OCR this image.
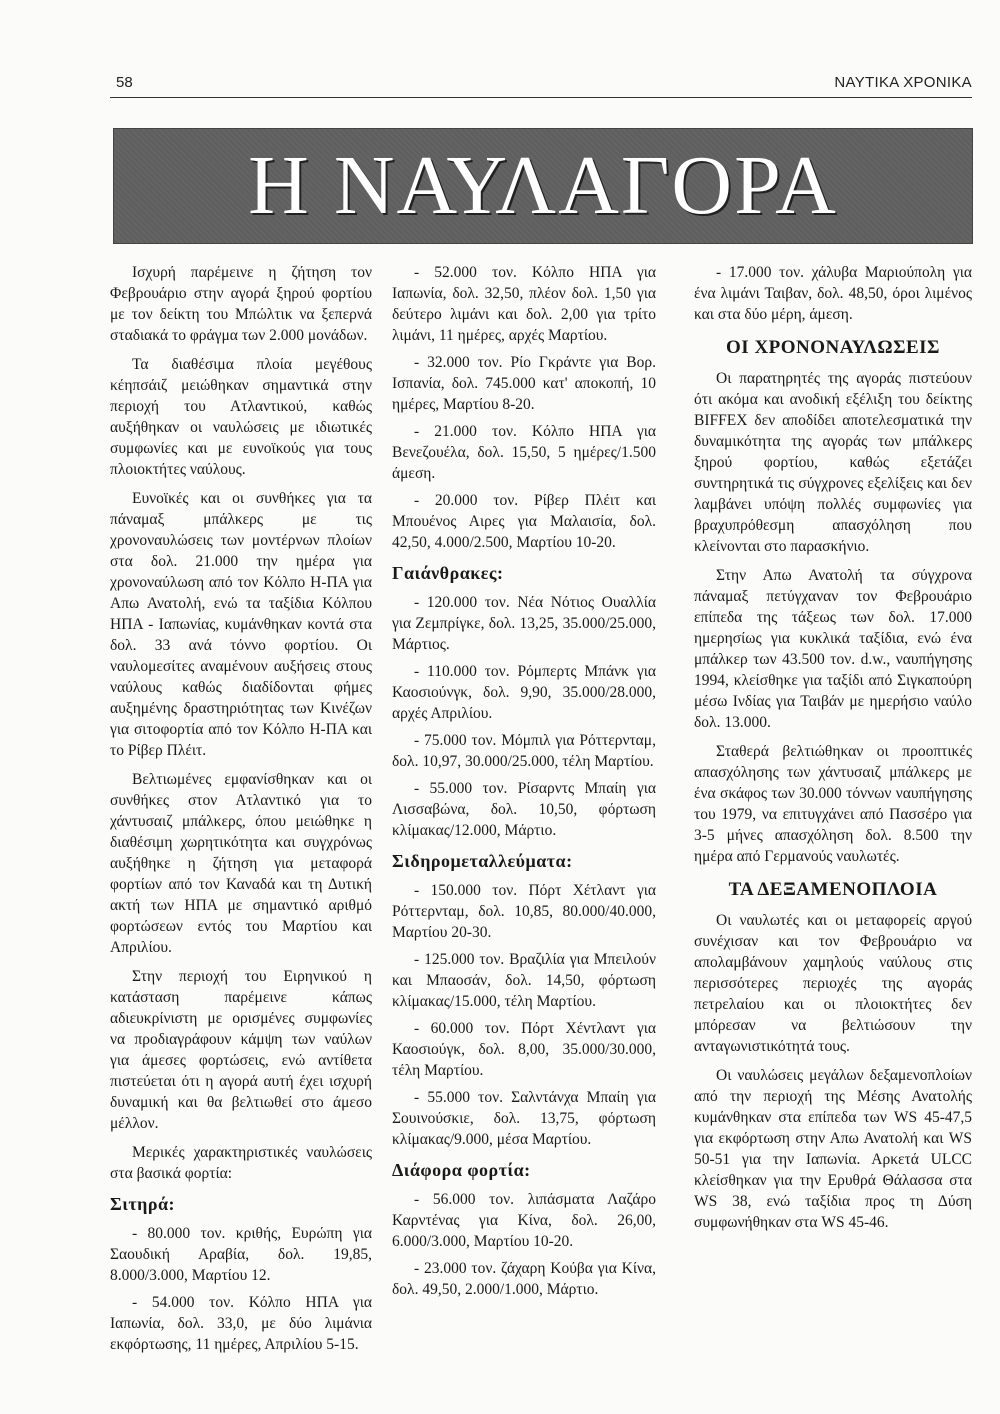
58	ΝΑΥΤΙΚΑ ΧΡΟΝΙΚΑ
Η ΝΑΥΛΑΓΟΡΑ

Ισχυρή παρέμεινε η ζήτηση τον Φεβρουάριο στην αγορά ξηρού φορτίου με τον δείκτη του Μπώλτικ να ξεπερνά σταδιακά το φράγμα των 2.000 μονάδων.

Τα διαθέσιμα πλοία μεγέθους κέηπσάιζ μειώθηκαν σημαντικά στην περιοχή του Ατλαντικού, καθώς αυξήθηκαν οι ναυλώσεις με ιδιωτικές συμφωνίες και με ευνοϊκούς για τους πλοιοκτήτες ναύλους.

Ευνοϊκές και οι συνθήκες για τα πάναμαξ μπάλκερς με τις χρονοναυλώσεις των μοντέρνων πλοίων στα δολ. 21.000 την ημέρα για χρονοναύλωση από τον Κόλπο Η-ΠΑ για Απω Ανατολή, ενώ τα ταξίδια Κόλπου ΗΠΑ - Ιαπωνίας, κυμάνθηκαν κοντά στα δολ. 33 ανά τόννο φορτίου. Οι ναυλομεσίτες αναμένουν αυξήσεις στους ναύλους καθώς διαδίδονται φήμες αυξημένης δραστηριότητας των Κινέζων για σιτοφορτία από τον Κόλπο Η-ΠΑ και το Ρίβερ Πλέιτ.

Βελτιωμένες εμφανίσθηκαν και οι συνθήκες στον Ατλαντικό για το χάντυσαιζ μπάλκερς, όπου μειώθηκε η διαθέσιμη χωρητικότητα και συγχρόνως αυξήθηκε η ζήτηση για μεταφορά φορτίων από τον Καναδά και τη Δυτική ακτή των ΗΠΑ με σημαντικό αριθμό φορτώσεων εντός του Μαρτίου και Απριλίου.

Στην περιοχή του Ειρηνικού η κατάσταση παρέμεινε κάπως αδιευκρίνιστη με ορισμένες συμφωνίες να προδιαγράφουν κάμψη των ναύλων για άμεσες φορτώσεις, ενώ αντίθετα πιστεύεται ότι η αγορά αυτή έχει ισχυρή δυναμική και θα βελτιωθεί στο άμεσο μέλλον.

Μερικές χαρακτηριστικές ναυλώσεις στα βασικά φορτία:

Σιτηρά:

- 80.000 τον. κριθής, Ευρώπη για Σαουδική Αραβία, δολ. 19,85, 8.000/3.000, Μαρτίου 12.

- 54.000 τον. Κόλπο ΗΠΑ για Ιαπωνία, δολ. 33,0, με δύο λιμάνια εκφόρτωσης, 11 ημέρες, Απριλίου 5-15.

- 52.000 τον. Κόλπο ΗΠΑ για Ιαπωνία, δολ. 32,50, πλέον δολ. 1,50 για δεύτερο λιμάνι και δολ. 2,00 για τρίτο λιμάνι, 11 ημέρες, αρχές Μαρτίου.

- 32.000 τον. Ρίο Γκράντε για Βορ. Ισπανία, δολ. 745.000 κατ' αποκοπή, 10 ημέρες, Μαρτίου 8-20.

- 21.000 τον. Κόλπο ΗΠΑ για Βενεζουέλα, δολ. 15,50, 5 ημέρες/1.500 άμεση.

- 20.000 τον. Ρίβερ Πλέιτ και Μπουένος Αιρες για Μαλαισία, δολ. 42,50, 4.000/2.500, Μαρτίου 10-20.

Γαιάνθρακες:

- 120.000 τον. Νέα Νότιος Ουαλλία για Ζεμπρίγκε, δολ. 13,25, 35.000/25.000, Μάρτιος.

- 110.000 τον. Ρόμπερτς Μπάνκ για Καοσιούνγκ, δολ. 9,90, 35.000/28.000, αρχές Απριλίου.

- 75.000 τον. Μόμπιλ για Ρόττερνταμ, δολ. 10,97, 30.000/25.000, τέλη Μαρτίου.

- 55.000 τον. Ρίσαρντς Μπαίη για Λισσαβώνα, δολ. 10,50, φόρτωση κλίμακας/12.000, Μάρτιο.

Σιδηρομεταλλεύματα:

- 150.000 τον. Πόρτ Χέτλαντ για Ρόττερνταμ, δολ. 10,85, 80.000/40.000, Μαρτίου 20-30.

- 125.000 τον. Βραζιλία για Μπειλούν και Μπαοσάν, δολ. 14,50, φόρτωση κλίμακας/15.000, τέλη Μαρτίου.

- 60.000 τον. Πόρτ Χέντλαντ για Καοσιούγκ, δολ. 8,00, 35.000/30.000, τέλη Μαρτίου.

- 55.000 τον. Σαλντάνχα Μπαίη για Σουινούσκιε, δολ. 13,75, φόρτωση κλίμακας/9.000, μέσα Μαρτίου.

Διάφορα φορτία:

- 56.000 τον. λιπάσματα Λαζάρο Καρντένας για Κίνα, δολ. 26,00, 6.000/3.000, Μαρτίου 10-20.

- 23.000 τον. ζάχαρη Κούβα για Κίνα, δολ. 49,50, 2.000/1.000, Μάρτιο.

- 17.000 τον. χάλυβα Μαριούπολη για ένα λιμάνι Ταιβαν, δολ. 48,50, όροι λιμένος και στα δύο μέρη, άμεση.

ΟΙ ΧΡΟΝΟΝΑΥΛΩΣΕΙΣ

Οι παρατηρητές της αγοράς πιστεύουν ότι ακόμα και ανοδική εξέλιξη του δείκτης BIFFEX δεν αποδίδει αποτελεσματικά την δυναμικότητα της αγοράς των μπάλκερς ξηρού φορτίου, καθώς εξετάζει συντηρητικά τις σύγχρονες εξελίξεις και δεν λαμβάνει υπόψη πολλές συμφωνίες για βραχυπρόθεσμη απασχόληση που κλείνονται στο παρασκήνιο.

Στην Απω Ανατολή τα σύγχρονα πάναμαξ πετύγχαναν τον Φεβρουάριο επίπεδα της τάξεως των δολ. 17.000 ημερησίως για κυκλικά ταξίδια, ενώ ένα μπάλκερ των 43.500 τον. d.w., ναυπήγησης 1994, κλείσθηκε για ταξίδι από Σιγκαπούρη μέσω Ινδίας για Ταιβάν με ημερήσιο ναύλο δολ. 13.000.

Σταθερά βελτιώθηκαν οι προοπτικές απασχόλησης των χάντυσαιζ μπάλκερς με ένα σκάφος των 30.000 τόννων ναυπήγησης του 1979, να επιτυγχάνει από Πασσέρο για 3-5 μήνες απασχόληση δολ. 8.500 την ημέρα από Γερμανούς ναυλωτές.

ΤΑ ΔΕΞΑΜΕΝΟΠΛΟΙΑ

Οι ναυλωτές και οι μεταφορείς αργού συνέχισαν και τον Φεβρουάριο να απολαμβάνουν χαμηλούς ναύλους στις περισσότερες περιοχές της αγοράς πετρελαίου και οι πλοιοκτήτες δεν μπόρεσαν να βελτιώσουν την ανταγωνιστικότητά τους.

Οι ναυλώσεις μεγάλων δεξαμενοπλοίων από την περιοχή της Μέσης Ανατολής κυμάνθηκαν στα επίπεδα των WS 45-47,5 για εκφόρτωση στην Απω Ανατολή και WS 50-51 για την Ιαπωνία. Αρκετά ULCC κλείσθηκαν για την Ερυθρά Θάλασσα στα WS 38, ενώ ταξίδια προς τη Δύση συμφωνήθηκαν στα WS 45-46.
